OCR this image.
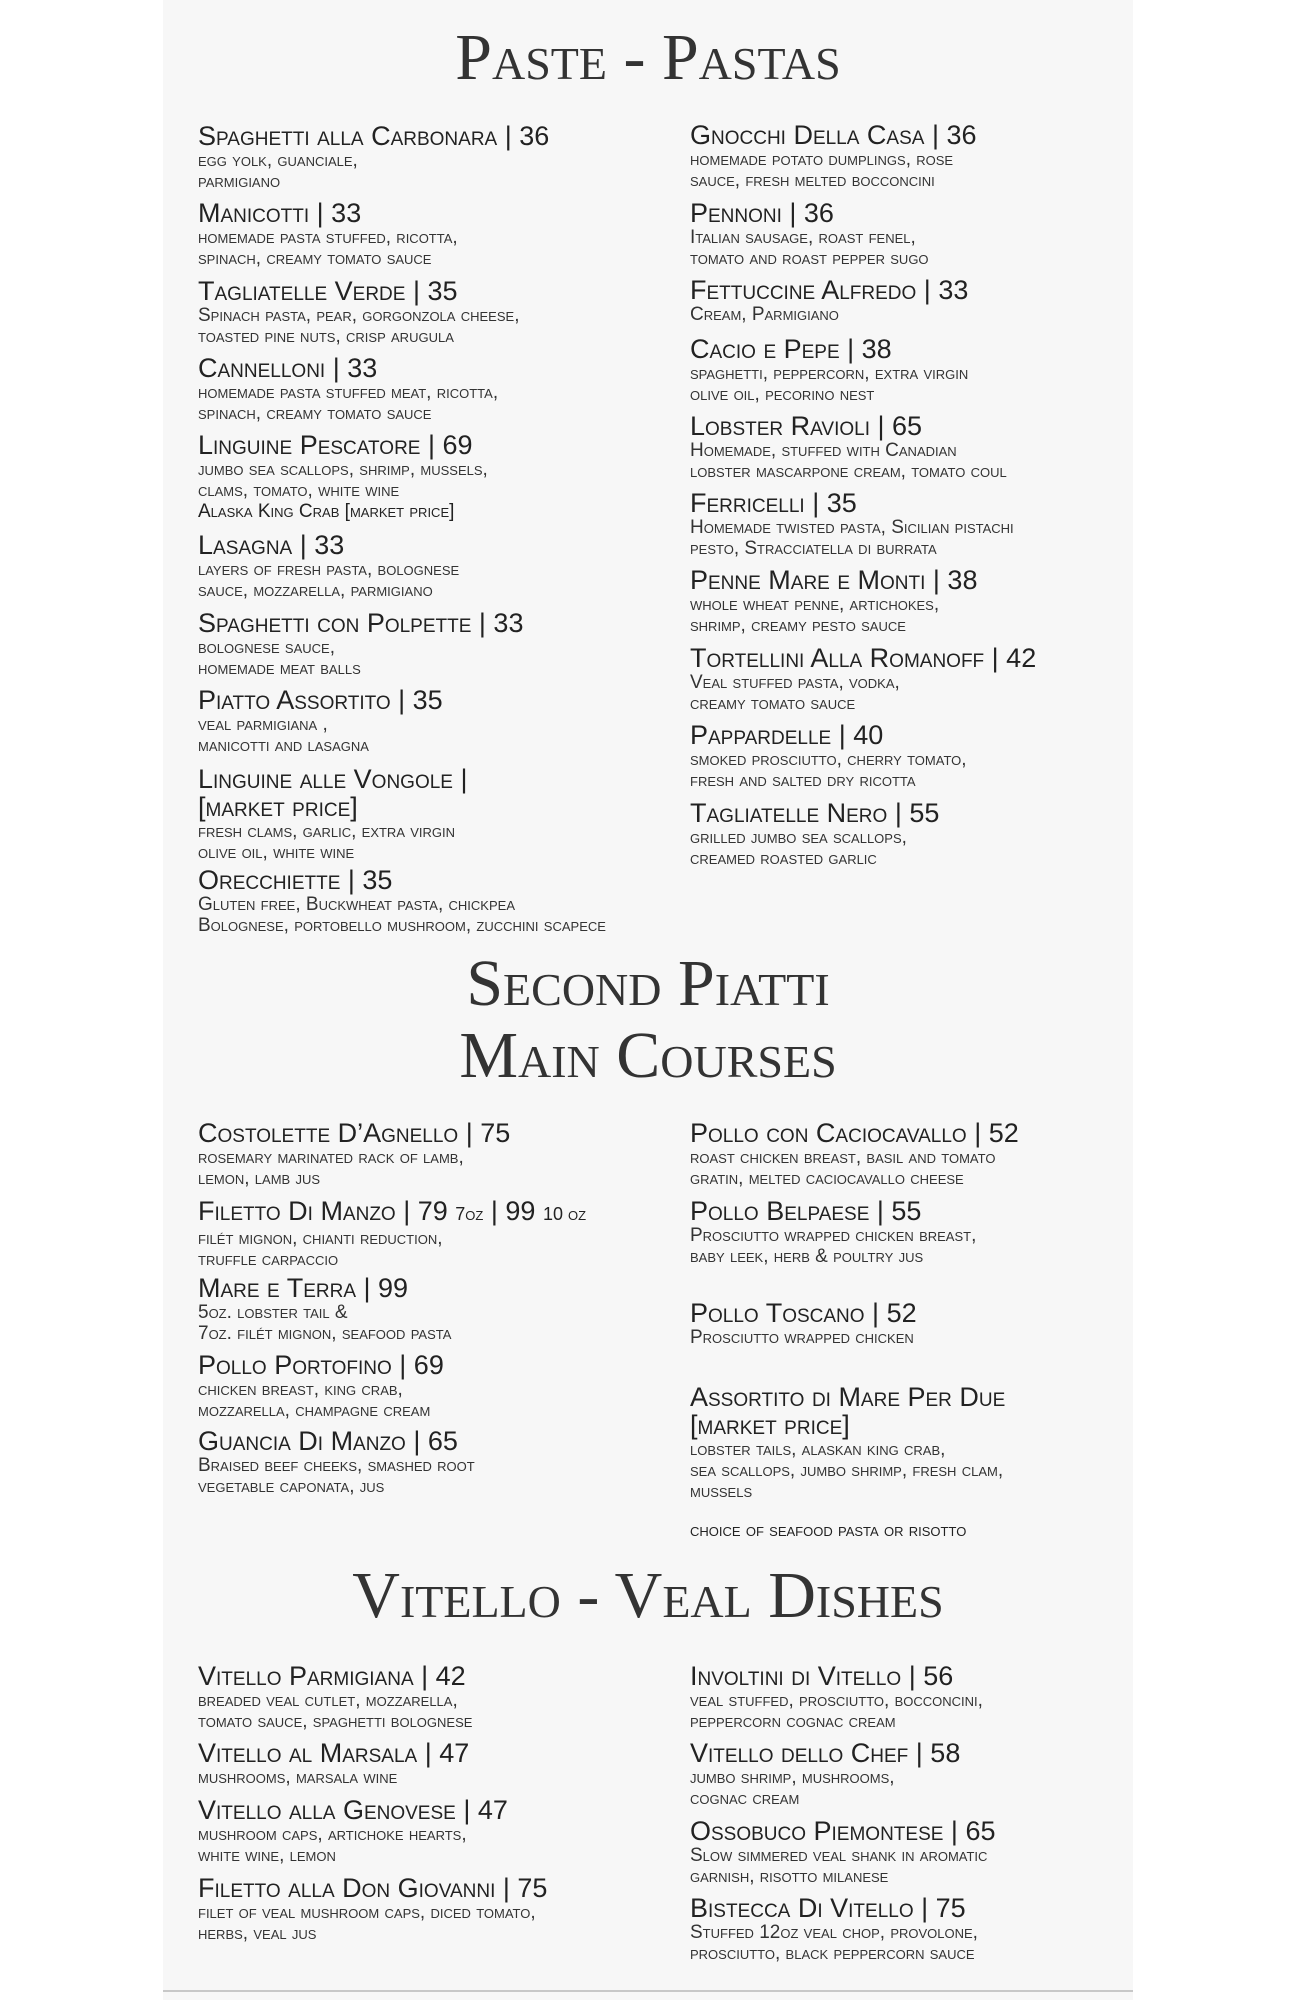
Paste - Pastas
Spaghetti alla Carbonara | 36
egg yolk, guanciale,
parmigiano
Manicotti | 33
homemade pasta stuffed, ricotta,
spinach, creamy tomato sauce
Tagliatelle Verde | 35
Spinach pasta, pear, gorgonzola cheese,
toasted pine nuts, crisp arugula
Cannelloni | 33
homemade pasta stuffed meat, ricotta,
spinach, creamy tomato sauce
Linguine Pescatore | 69
jumbo sea scallops, shrimp, mussels,
clams, tomato, white wine
Alaska King Crab [market price]
Lasagna | 33
layers of fresh pasta, bolognese
sauce, mozzarella, parmigiano
Spaghetti con Polpette | 33
bolognese sauce,
homemade meat balls
Piatto Assortito | 35
veal parmigiana ,
manicotti and lasagna
Linguine alle Vongole |
[market price]
fresh clams, garlic, extra virgin
olive oil, white wine
Orecchiette | 35
Gluten free, Buckwheat pasta, chickpea
Bolognese, portobello mushroom, zucchini scapece
Gnocchi Della Casa | 36
homemade potato dumplings, rose
sauce, fresh melted bocconcini
Pennoni | 36
Italian sausage, roast fenel,
tomato and roast pepper sugo
Fettuccine Alfredo | 33
Cream, Parmigiano
Cacio e Pepe | 38
spaghetti, peppercorn, extra virgin
olive oil, pecorino nest
Lobster Ravioli | 65
Homemade, stuffed with Canadian
lobster mascarpone cream, tomato coul
Ferricelli | 35
Homemade twisted pasta, Sicilian pistachi
pesto, Stracciatella di burrata
Penne Mare e Monti | 38
whole wheat penne, artichokes,
shrimp, creamy pesto sauce
Tortellini Alla Romanoff | 42
Veal stuffed pasta, vodka,
creamy tomato sauce
Pappardelle | 40
smoked prosciutto, cherry tomato,
fresh and salted dry ricotta
Tagliatelle Nero | 55
grilled jumbo sea scallops,
creamed roasted garlic
Second Piatti
Main Courses
Costolette D’Agnello | 75
rosemary marinated rack of lamb,
lemon, lamb jus
Filetto Di Manzo | 79 7oz | 99 10 oz
filét mignon, chianti reduction,
truffle carpaccio
Mare e Terra | 99
5oz. lobster tail &
7oz. filét mignon, seafood pasta
Pollo Portofino | 69
chicken breast, king crab,
mozzarella, champagne cream
Guancia Di Manzo | 65
Braised beef cheeks, smashed root
vegetable caponata, jus
Pollo con Caciocavallo | 52
roast chicken breast, basil and tomato
gratin, melted caciocavallo cheese
Pollo Belpaese | 55
Prosciutto wrapped chicken breast,
baby leek, herb & poultry jus
Pollo Toscano | 52
Prosciutto wrapped chicken
Assortito di Mare Per Due
[market price]
lobster tails, alaskan king crab,
sea scallops, jumbo shrimp, fresh clam,
mussels
choice of seafood pasta or risotto
Vitello - Veal Dishes
Vitello Parmigiana | 42
breaded veal cutlet, mozzarella,
tomato sauce, spaghetti bolognese
Vitello al Marsala | 47
mushrooms, marsala wine
Vitello alla Genovese | 47
mushroom caps, artichoke hearts,
white wine, lemon
Filetto alla Don Giovanni | 75
filet of veal mushroom caps, diced tomato,
herbs, veal jus
Involtini di Vitello | 56
veal stuffed, prosciutto, bocconcini,
peppercorn cognac cream
Vitello dello Chef | 58
jumbo shrimp, mushrooms,
cognac cream
Ossobuco Piemontese | 65
Slow simmered veal shank in aromatic
garnish, risotto milanese
Bistecca Di Vitello | 75
Stuffed 12oz veal chop, provolone,
prosciutto, black peppercorn sauce
